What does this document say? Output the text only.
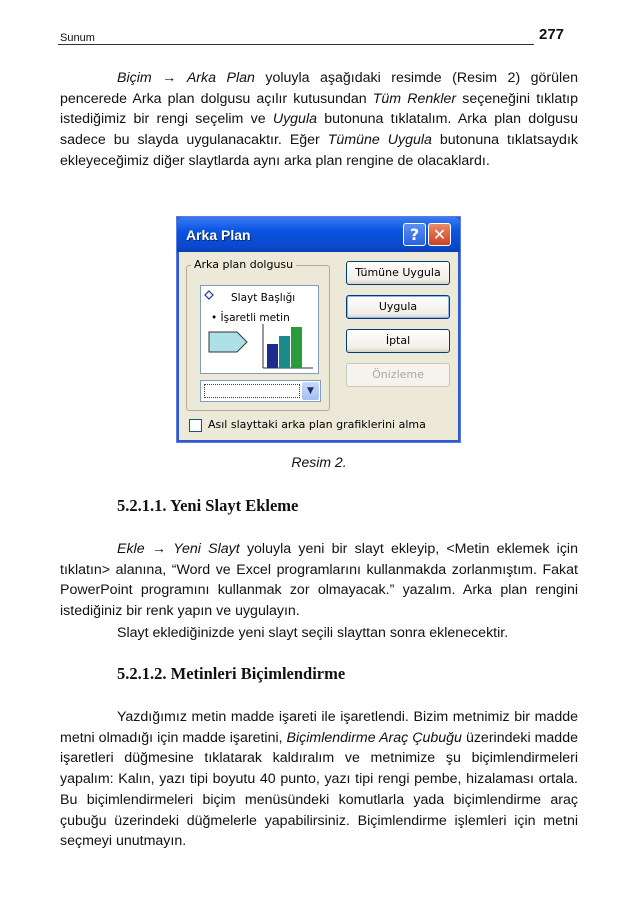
Sunum	277

Biçim → Arka Plan yoluyla aşağıdaki resimde (Resim 2) görülen pencerede Arka plan dolgusu açılır kutusundan Tüm Renkler seçeneğini tıklatıp istediğimiz bir rengi seçelim ve Uygula butonuna tıklatalım. Arka plan dolgusu sadece bu slayda uygulanacaktır. Eğer Tümüne Uygula butonuna tıklatsaydık ekleyeceğimiz diğer slaytlarda aynı arka plan rengine de olacaklardı.

Arka Plan	? ✕
Arka plan dolgusu
Slayt Başlığı
• İşaretli metin
▼
Tümüne Uygula
Uygula
İptal
Önizleme
Asıl slayttaki arka plan grafiklerini alma
Resim 2.
5.2.1.1. Yeni Slayt Ekleme

Ekle → Yeni Slayt yoluyla yeni bir slayt ekleyip, <Metin eklemek için tıklatın> alanına, “Word ve Excel programlarını kullanmakda zorlanmıştım. Fakat PowerPoint programını kullanmak zor olmayacak.” yazalım. Arka plan rengini istediğiniz bir renk yapın ve uygulayın.

Slayt eklediğinizde yeni slayt seçili slayttan sonra eklenecektir.

5.2.1.2. Metinleri Biçimlendirme

Yazdığımız metin madde işareti ile işaretlendi. Bizim metnimiz bir madde metni olmadığı için madde işaretini, Biçimlendirme Araç Çubuğu üzerindeki madde işaretleri düğmesine tıklatarak kaldıralım ve metnimize şu biçimlendirmeleri yapalım: Kalın, yazı tipi boyutu 40 punto, yazı tipi rengi pembe, hizalaması ortala. Bu biçimlendirmeleri biçim menüsündeki komutlarla yada biçimlendirme araç çubuğu üzerindeki düğmelerle yapabilirsiniz. Biçimlendirme işlemleri için metni seçmeyi unutmayın.
